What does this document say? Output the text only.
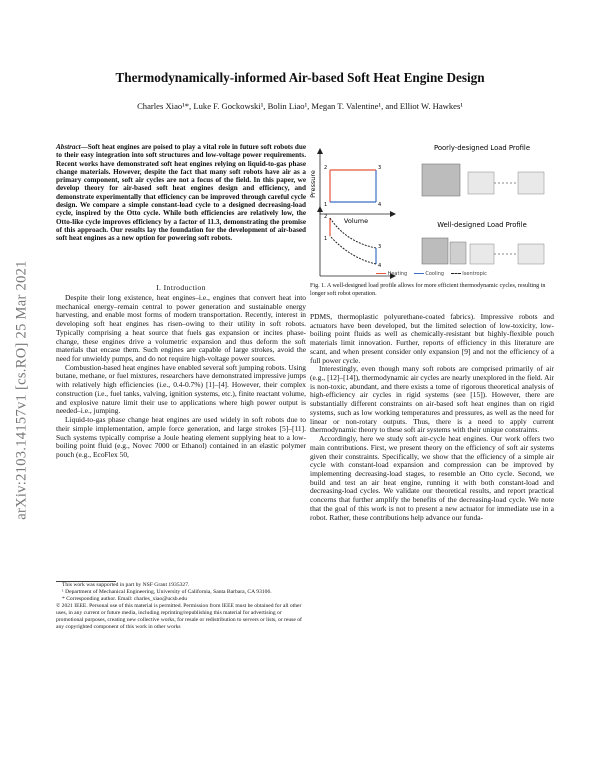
Thermodynamically-informed Air-based Soft Heat Engine Design
Charles Xiao¹*, Luke F. Gockowski¹, Bolin Liao¹, Megan T. Valentine¹, and Elliot W. Hawkes¹
arXiv:2103.14157v1 [cs.RO] 25 Mar 2021
Abstract—Soft heat engines are poised to play a vital role in future soft robots due to their easy integration into soft structures and low-voltage power requirements. Recent works have demonstrated soft heat engines relying on liquid-to-gas phase change materials. However, despite the fact that many soft robots have air as a primary component, soft air cycles are not a focus of the field. In this paper, we develop theory for air-based soft heat engines design and efficiency, and demonstrate experimentally that efficiency can be improved through careful cycle design. We compare a simple constant-load cycle to a designed decreasing-load cycle, inspired by the Otto cycle. While both efficiencies are relatively low, the Otto-like cycle improves efficiency by a factor of 11.3, demonstrating the promise of this approach. Our results lay the foundation for the development of air-based soft heat engines as a new option for powering soft robots.
I. Introduction

Despite their long existence, heat engines–i.e., engines that convert heat into mechanical energy–remain central to power generation and sustainable energy harvesting, and enable most forms of modern transportation. Recently, interest in developing soft heat engines has risen–owing to their utility in soft robots. Typically comprising a heat source that fuels gas expansion or incites phase-change, these engines drive a volumetric expansion and thus deform the soft materials that encase them. Such engines are capable of large strokes, avoid the need for unwieldy pumps, and do not require high-voltage power sources.

Combustion-based heat engines have enabled several soft jumping robots. Using butane, methane, or fuel mixtures, researchers have demonstrated impressive jumps with relatively high efficiencies (i.e., 0.4-0.7%) [1]–[4]. However, their complex construction (i.e., fuel tanks, valving, ignition systems, etc.), finite reactant volume, and explosive nature limit their use to applications where high power output is needed–i.e., jumping.

Liquid-to-gas phase change heat engines are used widely in soft robots due to their simple implementation, ample force generation, and large strokes [5]–[11]. Such systems typically comprise a Joule heating element supplying heat to a low-boiling point fluid (e.g., Novec 7000 or Ethanol) contained in an elastic polymer pouch (e.g., EcoFlex 50,

This work was supported in part by NSF Grant 1935327.
¹ Department of Mechanical Engineering, University of California, Santa Barbara, CA 93106.
* Corresponding author. Email: charles_xiao@ucsb.edu
© 2021 IEEE. Personal use of this material is permitted. Permission from IEEE must be obtained for all other uses, in any current or future media, including reprinting/republishing this material for advertising or promotional purposes, creating new collective works, for resale or redistribution to servers or lists, or reuse of any copyrighted component of this work in other works
2	3
4
1
Pressure
Volume
Poorly-designed Load Profile
2
3
4
1
Well-designed Load Profile
Heating	Cooling	Isentropic
Fig. 1. A well-designed load profile allows for more efficient thermodynamic cycles, resulting in longer soft robot operation.

PDMS, thermoplastic polyurethane-coated fabrics). Impressive robots and actuators have been developed, but the limited selection of low-toxicity, low-boiling point fluids as well as chemically-resistant but highly-flexible pouch materials limit innovation. Further, reports of efficiency in this literature are scant, and when present consider only expansion [9] and not the efficiency of a full power cycle.

Interestingly, even though many soft robots are comprised primarily of air (e.g., [12]–[14]), thermodynamic air cycles are nearly unexplored in the field. Air is non-toxic, abundant, and there exists a tome of rigorous theoretical analysis of high-efficiency air cycles in rigid systems (see [15]). However, there are substantially different constraints on air-based soft heat engines than on rigid systems, such as low working temperatures and pressures, as well as the need for linear or non-rotary outputs. Thus, there is a need to apply current thermodynamic theory to these soft air systems with their unique constraints.

Accordingly, here we study soft air-cycle heat engines. Our work offers two main contributions. First, we present theory on the efficiency of soft air systems given their constraints. Specifically, we show that the efficiency of a simple air cycle with constant-load expansion and compression can be improved by implementing decreasing-load stages, to resemble an Otto cycle. Second, we build and test an air heat engine, running it with both constant-load and decreasing-load cycles. We validate our theoretical results, and report practical concerns that further amplify the benefits of the decreasing-load cycle. We note that the goal of this work is not to present a new actuator for immediate use in a robot. Rather, these contributions help advance our funda-
